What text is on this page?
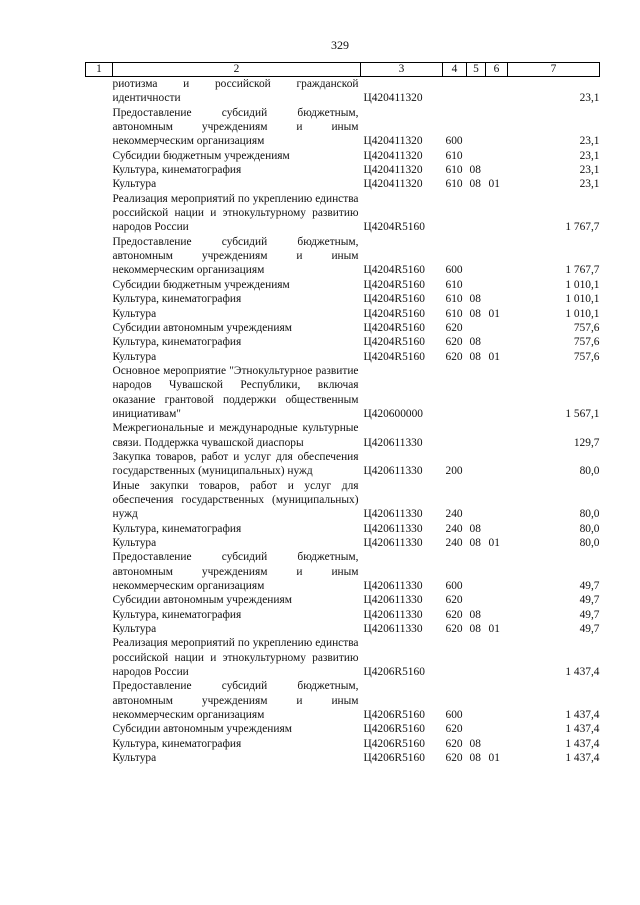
329
1	2	3	4	5	6	7
	риотизма и российской гражданской идентичности	Ц420411320				23,1
	Предоставление субсидий бюджетным, автономным учреждениям и иным некоммерческим организациям	Ц420411320	600			23,1
	Субсидии бюджетным учреждениям	Ц420411320	610			23,1
	Культура, кинематография	Ц420411320	610	08		23,1
	Культура	Ц420411320	610	08	01	23,1
	Реализация мероприятий по укреплению единства российской нации и этнокультурному развитию народов России	Ц4204R5160				1 767,7
	Предоставление субсидий бюджетным, автономным учреждениям и иным некоммерческим организациям	Ц4204R5160	600			1 767,7
	Субсидии бюджетным учреждениям	Ц4204R5160	610			1 010,1
	Культура, кинематография	Ц4204R5160	610	08		1 010,1
	Культура	Ц4204R5160	610	08	01	1 010,1
	Субсидии автономным учреждениям	Ц4204R5160	620			757,6
	Культура, кинематография	Ц4204R5160	620	08		757,6
	Культура	Ц4204R5160	620	08	01	757,6
	Основное мероприятие "Этнокультурное развитие народов Чувашской Республики, включая оказание грантовой поддержки общественным инициативам"	Ц420600000				1 567,1
	Межрегиональные и международные культурные связи. Поддержка чувашской диаспоры	Ц420611330				129,7
	Закупка товаров, работ и услуг для обеспечения государственных (муниципальных) нужд	Ц420611330	200			80,0
	Иные закупки товаров, работ и услуг для обеспечения государственных (муниципальных) нужд	Ц420611330	240			80,0
	Культура, кинематография	Ц420611330	240	08		80,0
	Культура	Ц420611330	240	08	01	80,0
	Предоставление субсидий бюджетным, автономным учреждениям и иным некоммерческим организациям	Ц420611330	600			49,7
	Субсидии автономным учреждениям	Ц420611330	620			49,7
	Культура, кинематография	Ц420611330	620	08		49,7
	Культура	Ц420611330	620	08	01	49,7
	Реализация мероприятий по укреплению единства российской нации и этнокультурному развитию народов России	Ц4206R5160				1 437,4
	Предоставление субсидий бюджетным, автономным учреждениям и иным некоммерческим организациям	Ц4206R5160	600			1 437,4
	Субсидии автономным учреждениям	Ц4206R5160	620			1 437,4
	Культура, кинематография	Ц4206R5160	620	08		1 437,4
	Культура	Ц4206R5160	620	08	01	1 437,4
